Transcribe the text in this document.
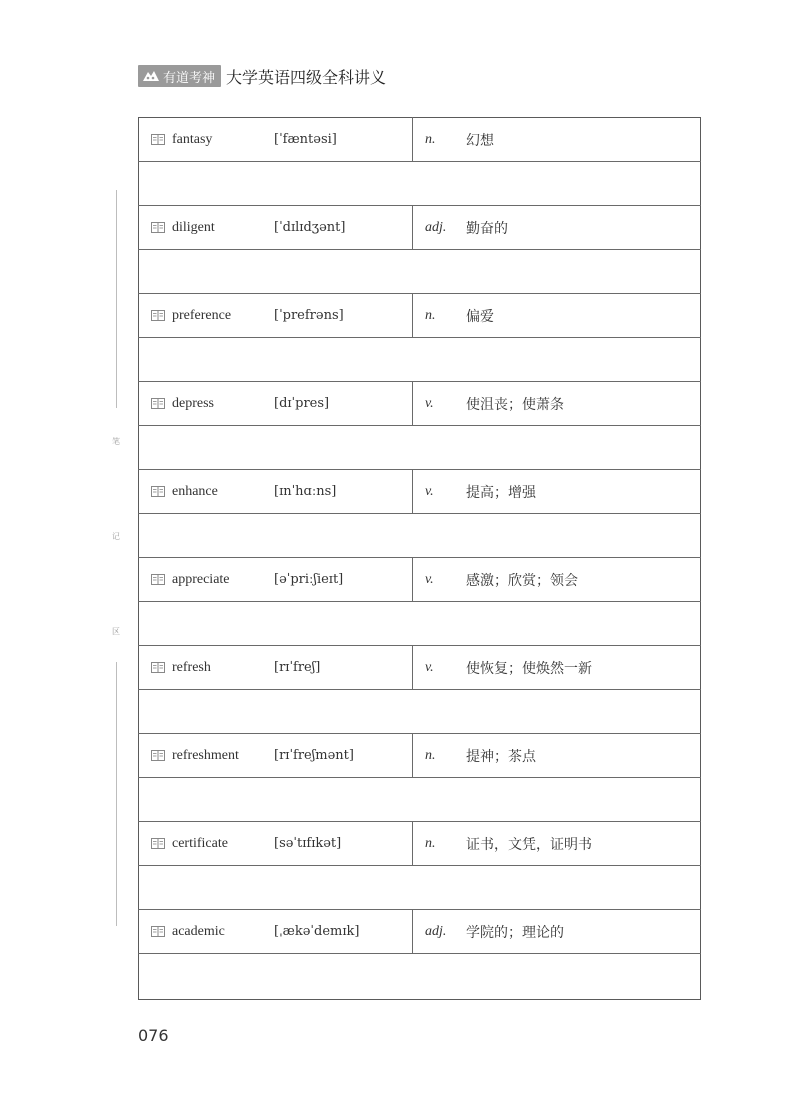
有道考神 大学英语四级全科讲义
笔
记
区
fantasy [ˈfæntəsi]	n. 幻想

diligent [ˈdɪlɪdʒənt]	adj. 勤奋的

preference [ˈprefrəns]	n. 偏爱

depress [dɪˈpres]	v. 使沮丧；使萧条

enhance [ɪnˈhɑːns]	v. 提高；增强

appreciate [əˈpriːʃieɪt]	v. 感激；欣赏；领会

refresh [rɪˈfreʃ]	v. 使恢复；使焕然一新

refreshment [rɪˈfreʃmənt]	n. 提神；茶点

certificate [səˈtɪfɪkət]	n. 证书，文凭，证明书

academic [ˌækəˈdemɪk]	adj. 学院的；理论的

076
